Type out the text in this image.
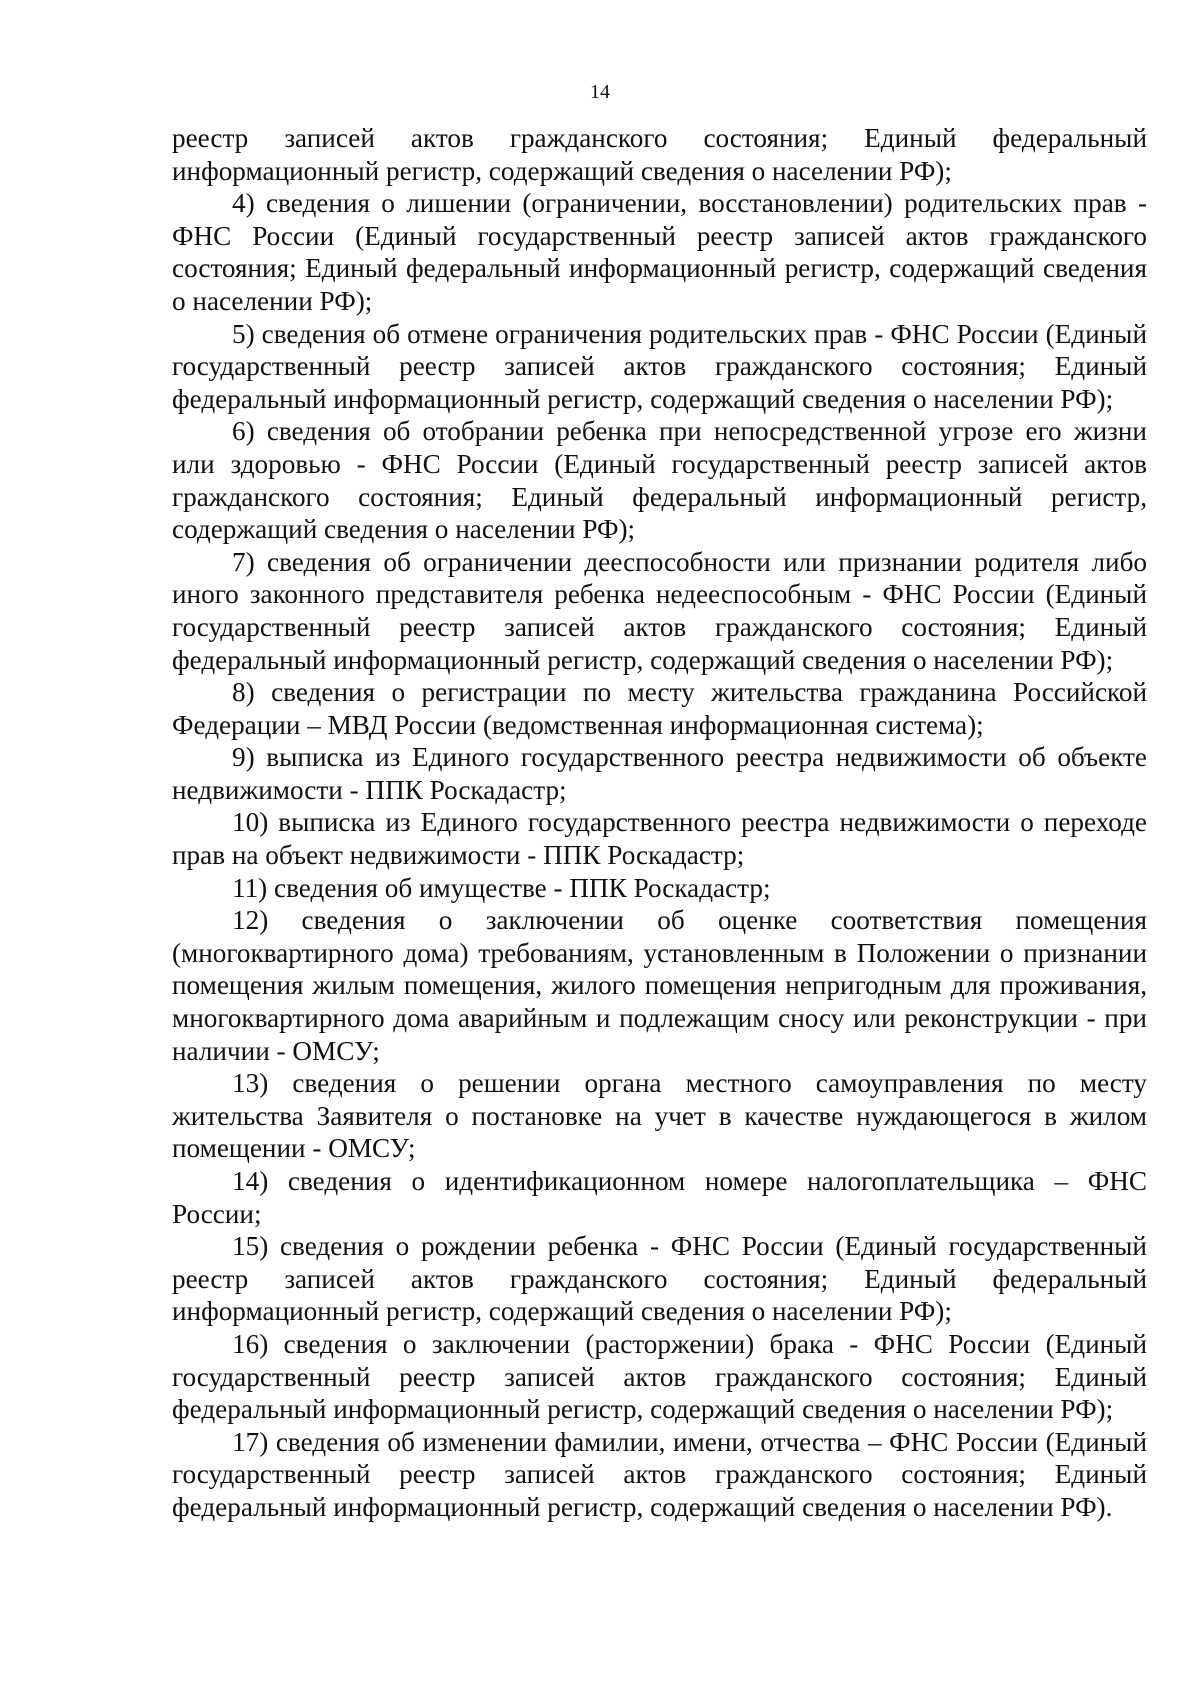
14

реестр записей актов гражданского состояния; Единый федеральный информационный регистр, содержащий сведения о населении РФ);

4) сведения о лишении (ограничении, восстановлении) родительских прав - ФНС России (Единый государственный реестр записей актов гражданского состояния; Единый федеральный информационный регистр, содержащий сведения о населении РФ);

5) сведения об отмене ограничения родительских прав - ФНС России (Единый государственный реестр записей актов гражданского состояния; Единый федеральный информационный регистр, содержащий сведения о населении РФ);

6) сведения об отобрании ребенка при непосредственной угрозе его жизни или здоровью - ФНС России (Единый государственный реестр записей актов гражданского состояния; Единый федеральный информационный регистр, содержащий сведения о населении РФ);

7) сведения об ограничении дееспособности или признании родителя либо иного законного представителя ребенка недееспособным - ФНС России (Единый государственный реестр записей актов гражданского состояния; Единый федеральный информационный регистр, содержащий сведения о населении РФ);

8) сведения о регистрации по месту жительства гражданина Российской Федерации – МВД России (ведомственная информационная система);

9) выписка из Единого государственного реестра недвижимости об объекте недвижимости - ППК Роскадастр;

10) выписка из Единого государственного реестра недвижимости о переходе прав на объект недвижимости - ППК Роскадастр;

11) сведения об имуществе - ППК Роскадастр;

12) сведения о заключении об оценке соответствия помещения (многоквартирного дома) требованиям, установленным в Положении о признании помещения жилым помещения, жилого помещения непригодным для проживания, многоквартирного дома аварийным и подлежащим сносу или реконструкции - при наличии - ОМСУ;

13) сведения о решении органа местного самоуправления по месту жительства Заявителя о постановке на учет в качестве нуждающегося в жилом помещении - ОМСУ;

14) сведения о идентификационном номере налогоплательщика – ФНС России;

15) сведения о рождении ребенка - ФНС России (Единый государственный реестр записей актов гражданского состояния; Единый федеральный информационный регистр, содержащий сведения о населении РФ);

16) сведения о заключении (расторжении) брака - ФНС России (Единый государственный реестр записей актов гражданского состояния; Единый федеральный информационный регистр, содержащий сведения о населении РФ);

17) сведения об изменении фамилии, имени, отчества – ФНС России (Единый государственный реестр записей актов гражданского состояния; Единый федеральный информационный регистр, содержащий сведения о населении РФ).
